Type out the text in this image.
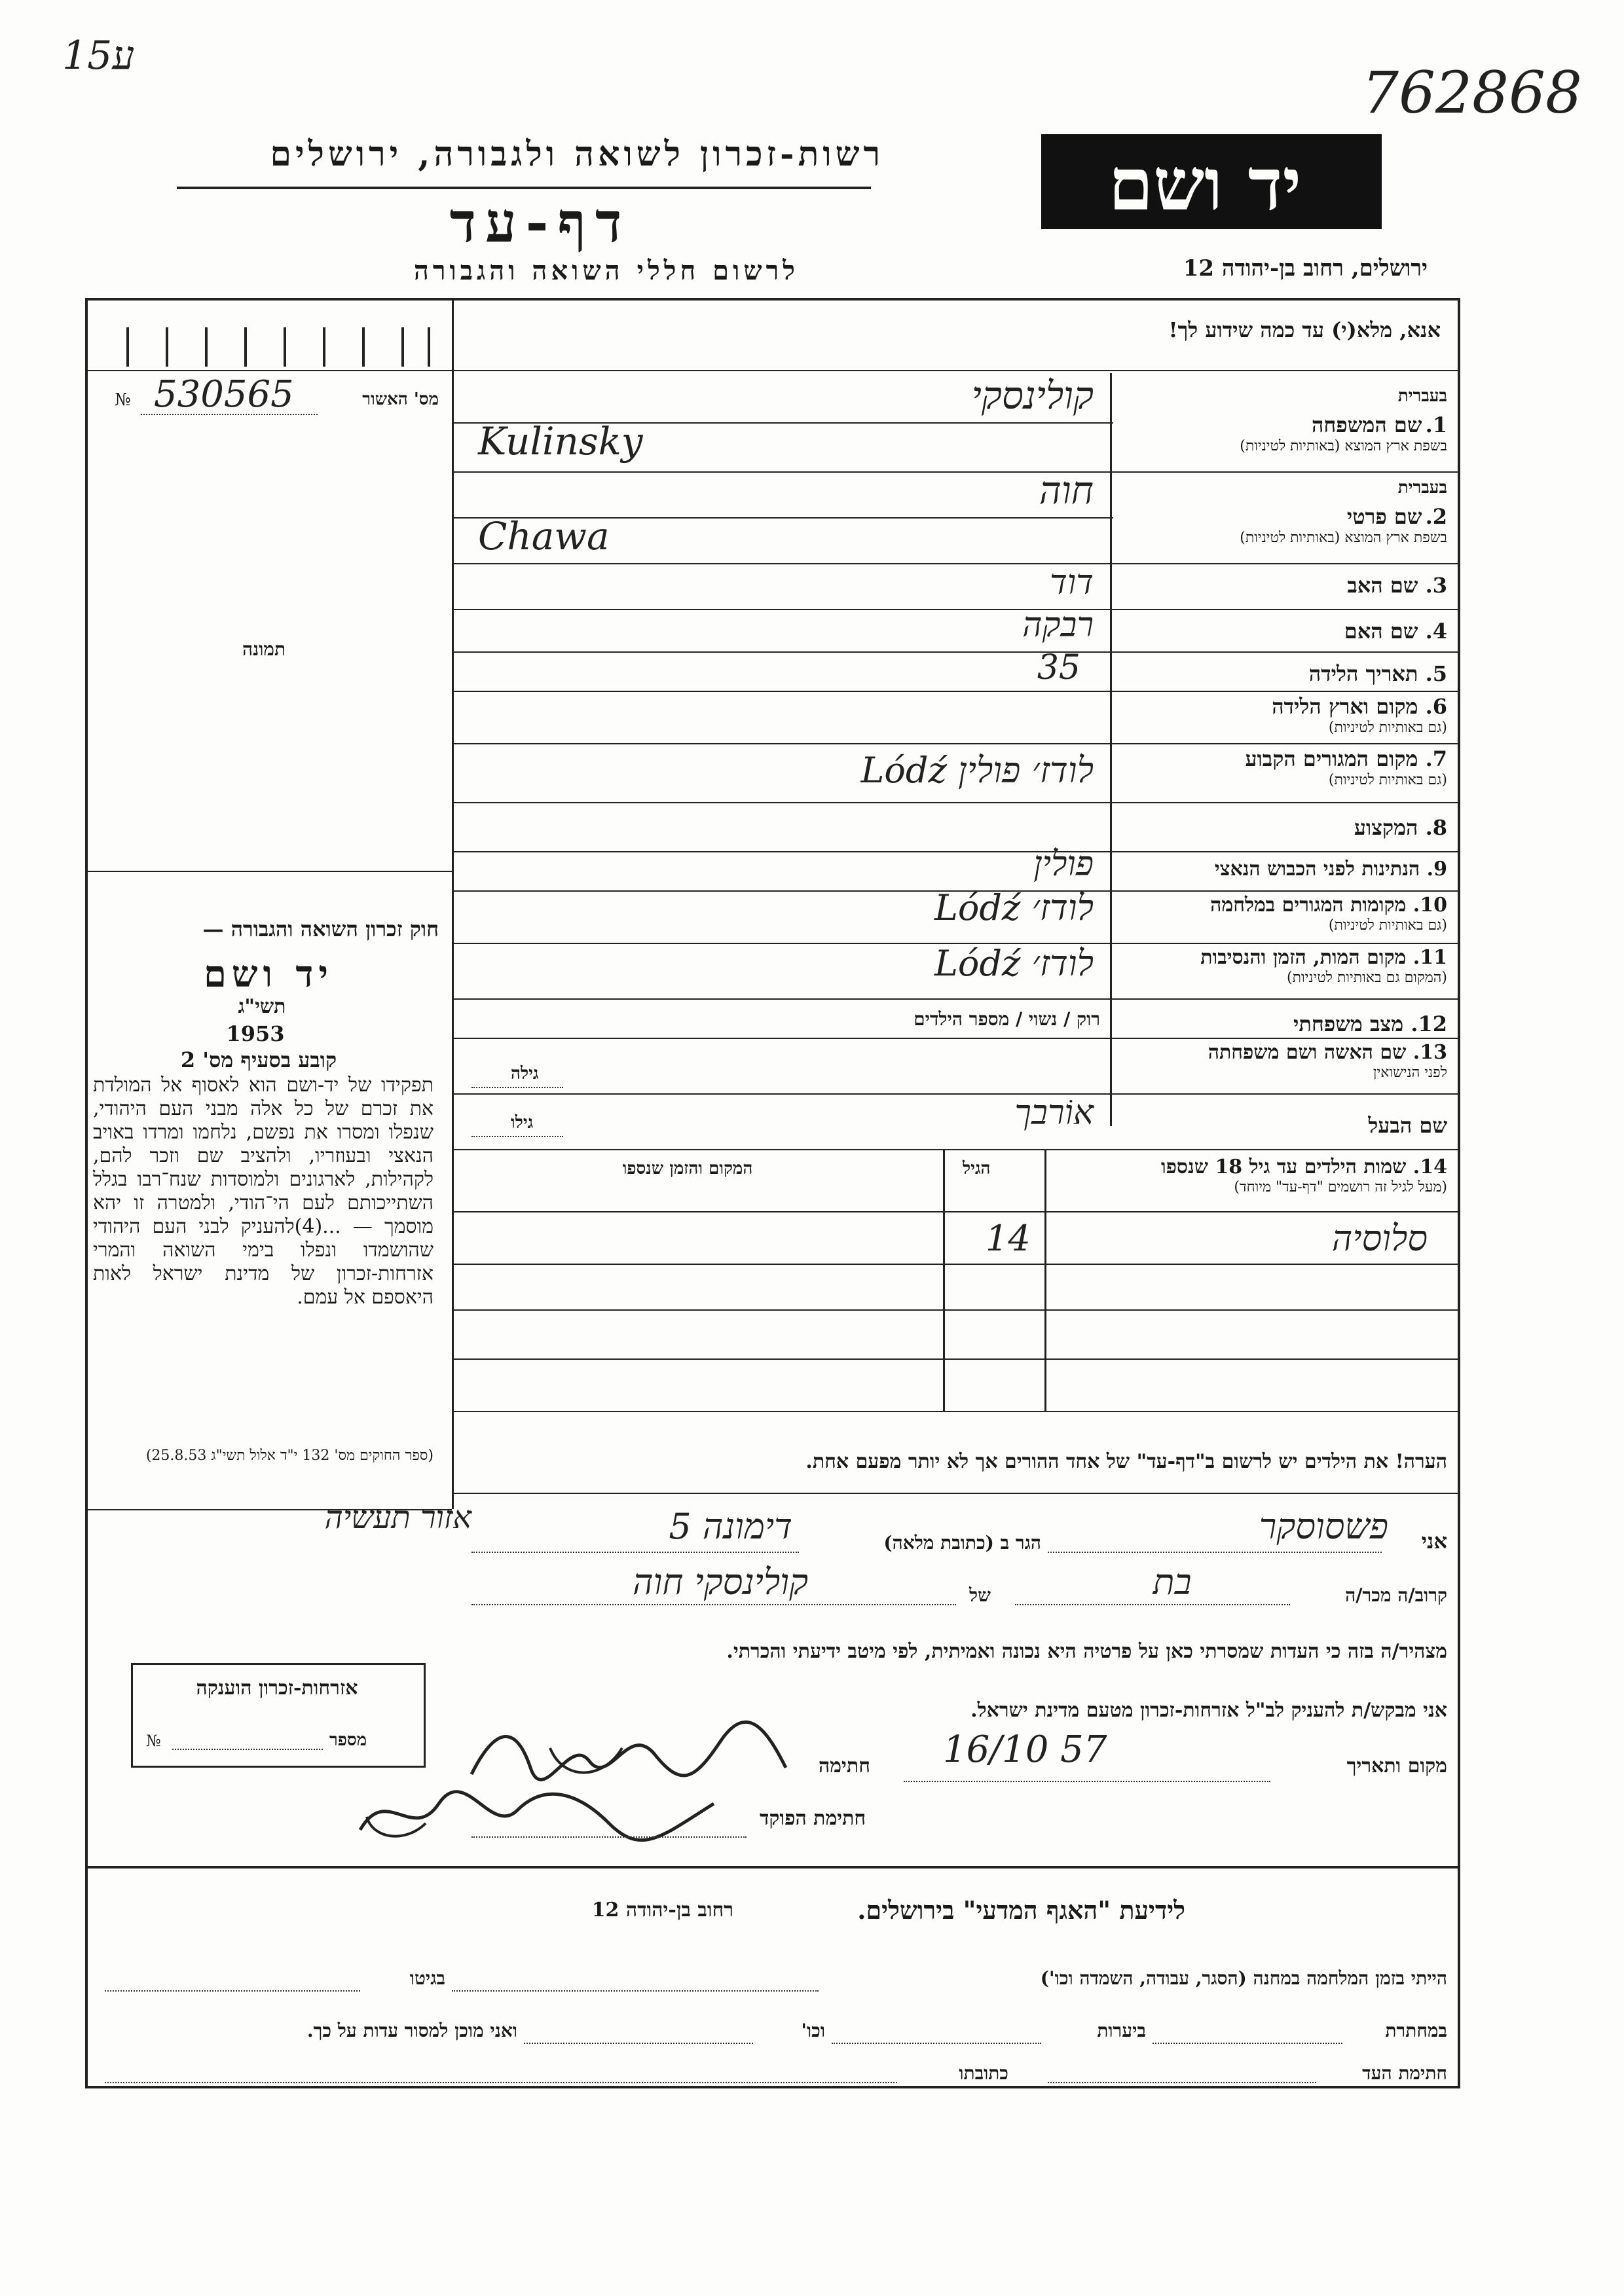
ע15
762868
יד ושם
רשות-זכרון לשואה ולגבורה, ירושלים
דף-עד
לרשום חללי השואה והגבורה	ירושלים, רחוב בן-יהודה 12
אנא, מלא(י) עד כמה שידוע לך!
מס' האשור
530565
№
תמונה
חוק זכרון השואה והגבורה —
יד ושם
תשי"ג
1953
קובע בסעיף מס' 2
תפקידו של יד-ושם הוא לאסוף אל המולדת את זכרם של כל אלה מבני העם היהודי, שנפלו ומסרו את נפשם, נלחמו ומרדו באויב הנאצי ובעוזריו, ולהציב שם וזכר להם, לקהילות, לארגונים ולמוסדות שנח־רבו בגלל השתייכותם לעם הי־הודי, ולמטרה זו יהא מוסמך — ...(4)להעניק לבני העם היהודי שהושמדו ונפלו בימי השואה והמרי אזרחות-זכרון של מדינת ישראל לאות היאספם אל עמם.
(ספר החוקים מס' 132 י"ד אלול תשי"ג 25.8.53)
בעברית
1. שם המשפחה
בשפת ארץ המוצא (באותיות לטיניות)
קולינסקי
Kulinsky
בעברית
2. שם פרטי
בשפת ארץ המוצא (באותיות לטיניות)
חוה
Chawa
3. שם האב
דוד
4. שם האם
רבקה
5. תאריך הלידה
35
6. מקום וארץ הלידה
(גם באותיות לטיניות)
7. מקום המגורים הקבוע
(גם באותיות לטיניות)
לודז׳ פולין Lódź
8. המקצוע
9. הנתינות לפני הכבוש הנאצי
פולין
10. מקומות המגורים במלחמה
(גם באותיות לטיניות)
לודז׳ Lódź
11. מקום המות, הזמן והנסיבות
(המקום גם באותיות לטיניות)
לודז׳ Lódź
12. מצב משפחתי
רוק / נשוי / מספר הילדים
13. שם האשה ושם משפחתה
לפני הנישואין
גילה
שם הבעל
אוֹרבך
גילו
14. שמות הילדים עד גיל 18 שנספו
(מעל לגיל זה רושמים "דף-עד" מיוחד)
הגיל
המקום והזמן שנספו
סלוסיה
14
הערה! את הילדים יש לרשום ב"דף-עד" של אחד ההורים אך לא יותר מפעם אחת.
אני
פשסוסקר
הגר ב (כתובת מלאה)
דימונה 5
אזור תעשיה
קרוב/ה מכר/ה
בת
של
קולינסקי חוה
מצהיר/ה בזה כי העדות שמסרתי כאן על פרטיה היא נכונה ואמיתית, לפי מיטב ידיעתי והכרתי.
אני מבקש/ת להעניק לב"ל אזרחות-זכרון מטעם מדינת ישראל.
מקום ותאריך
16/10 57
חתימה
חתימת הפוקד
אזרחות-זכרון הוענקה
מספר
№
לידיעת "האגף המדעי" בירושלים.
רחוב בן-יהודה 12
הייתי בזמן המלחמה במחנה (הסגר, עבודה, השמדה וכו')
בגיטו
במחתרת
ביערות
וכו'
ואני מוכן למסור עדות על כך.
חתימת העד
כתובתו
